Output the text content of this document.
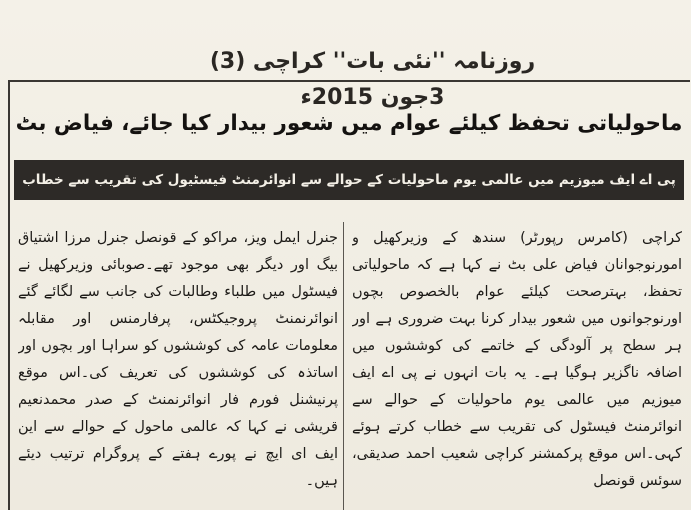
روزنامہ ''نئی بات'' کراچی (3) 3جون 2015ء
ماحولیاتی تحفظ کیلئے عوام میں شعور بیدار کیا جائے، فیاض بٹ
پی اے ایف میوزیم میں عالمی یوم ماحولیات کے حوالے سے انوائرمنٹ فیسٹیول کی تقریب سے خطاب

کراچی (کامرس رپورٹر) سندھ کے وزیرکھیل و امورنوجوانان فیاض علی بٹ نے کہا ہے کہ ماحولیاتی تحفظ، بہترصحت کیلئے عوام بالخصوص بچوں اورنوجوانوں میں شعور بیدار کرنا بہت ضروری ہے اور ہر سطح پر آلودگی کے خاتمے کی کوششوں میں اضافہ ناگزیر ہوگیا ہے۔ یہ بات انہوں نے پی اے ایف میوزیم میں عالمی یوم ماحولیات کے حوالے سے انوائرمنٹ فیسٹول کی تقریب سے خطاب کرتے ہوئے کہی۔اس موقع پرکمشنر کراچی شعیب احمد صدیقی، سوئس قونصل

جنرل ایمل ویز، مراکو کے قونصل جنرل مرزا اشتیاق بیگ اور دیگر بھی موجود تھے۔صوبائی وزیرکھیل نے فیسٹول میں طلباء وطالبات کی جانب سے لگائے گئے انوائرنمنٹ پروجیکٹس، پرفارمنس اور مقابلہ معلومات عامہ کی کوششوں کو سراہا اور بچوں اور اساتذہ کی کوششوں کی تعریف کی۔اس موقع پرنیشنل فورم فار انوائرنمنٹ کے صدر محمدنعیم قریشی نے کہا کہ عالمی ماحول کے حوالے سے این ایف ای ایچ نے پورے ہفتے کے پروگرام ترتیب دیئے ہیں۔
